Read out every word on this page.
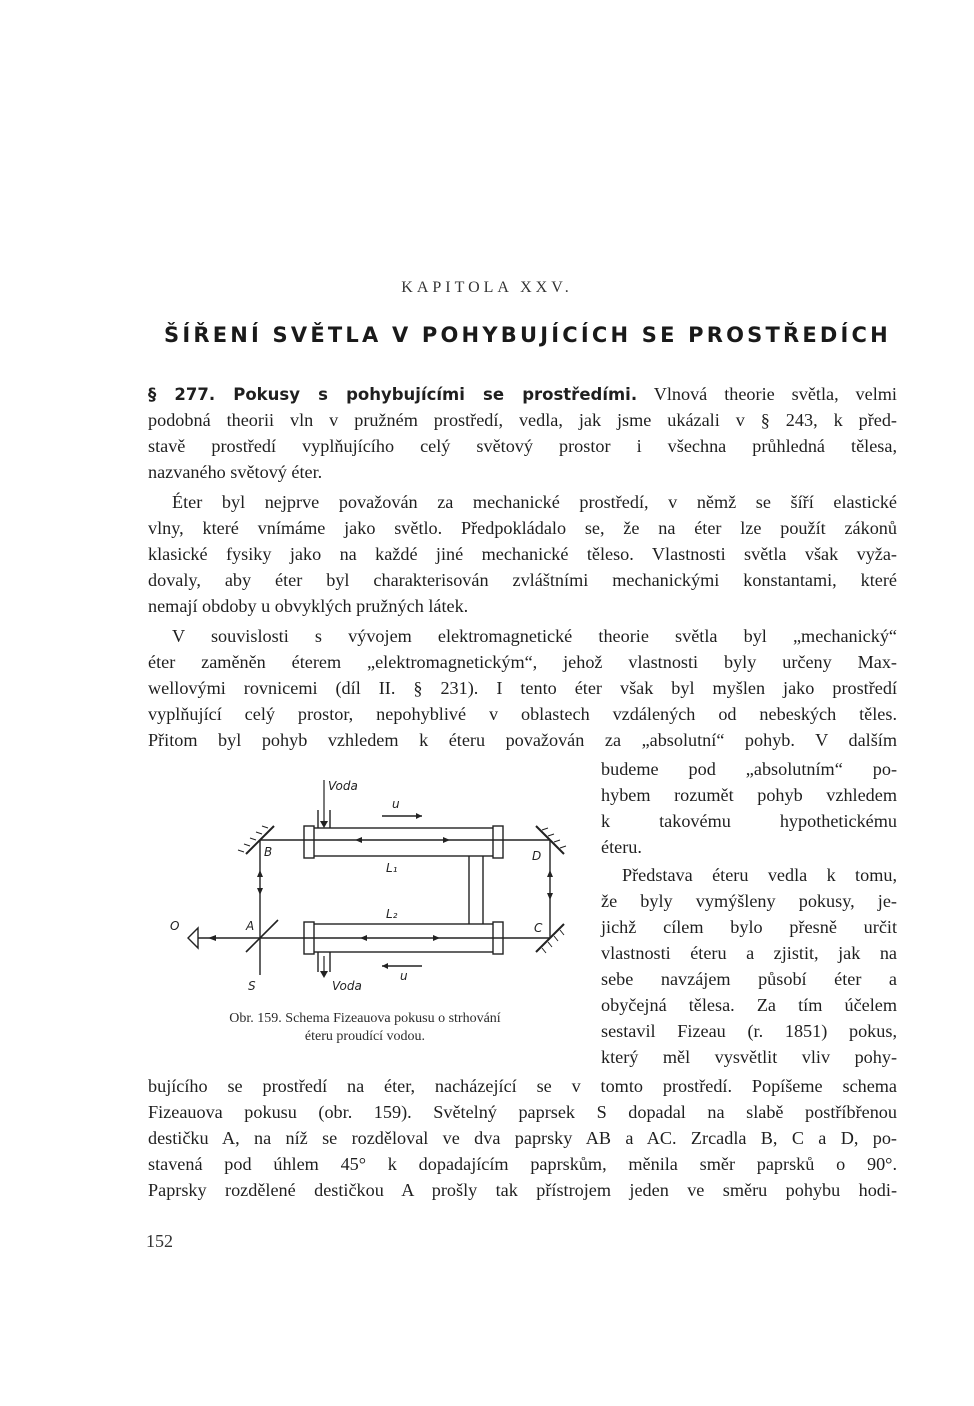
KAPITOLA XXV.
ŠÍŘENÍ SVĚTLA V POHYBUJÍCÍCH SE PROSTŘEDÍCH
§ 277. Pokusy s pohybujícími se prostředími. Vlnová theorie světla, velmi
podobná theorii vln v pružném prostředí, vedla, jak jsme ukázali v § 243, k před-
stavě prostředí vyplňujícího celý světový prostor i všechna průhledná tělesa,
nazvaného světový éter.
Éter byl nejprve považován za mechanické prostředí, v němž se šíří elastické
vlny, které vnímáme jako světlo. Předpokládalo se, že na éter lze použít zákonů
klasické fysiky jako na každé jiné mechanické těleso. Vlastnosti světla však vyža-
dovaly, aby éter byl charakterisován zvláštními mechanickými konstantami, které
nemají obdoby u obvyklých pružných látek.
V souvislosti s vývojem elektromagnetické theorie světla byl „mechanický“
éter zaměněn éterem „elektromagnetickým“, jehož vlastnosti byly určeny Max-
wellovými rovnicemi (díl II. § 231). I tento éter však byl myšlen jako prostředí
vyplňující celý prostor, nepohyblivé v oblastech vzdálených od nebeských těles.
Přitom byl pohyb vzhledem k éteru považován za „absolutní“ pohyb. V dalším
budeme pod „absolutním“ po-
hybem rozumět pohyb vzhledem
k takovému hypothetickému
éteru.
Představa éteru vedla k tomu,
že byly vymýšleny pokusy, je-
jichž cílem bylo přesně určit
vlastnosti éteru a zjistit, jak na
sebe navzájem působí éter a
obyčejná tělesa. Za tím účelem
sestavil Fizeau (r. 1851) pokus,
který měl vysvětlit vliv pohy-
bujícího se prostředí na éter, nacházející se v tomto prostředí. Popíšeme schema
Fizeauova pokusu (obr. 159). Světelný paprsek S dopadal na slabě postříbřenou
destičku A, na níž se rozděloval ve dva paprsky AB a AC. Zrcadla B, C a D, po-
stavená pod úhlem 45° k dopadajícím paprskům, měnila směr paprsků o 90°.
Paprsky rozdělené destičkou A prošly tak přístrojem jeden ve směru pohybu hodi-
Voda
Voda
u
u
B	D
A	C
O
S
L₁
L₂
Obr. 159. Schema Fizeauova pokusu o strhování
éteru proudící vodou.
152
